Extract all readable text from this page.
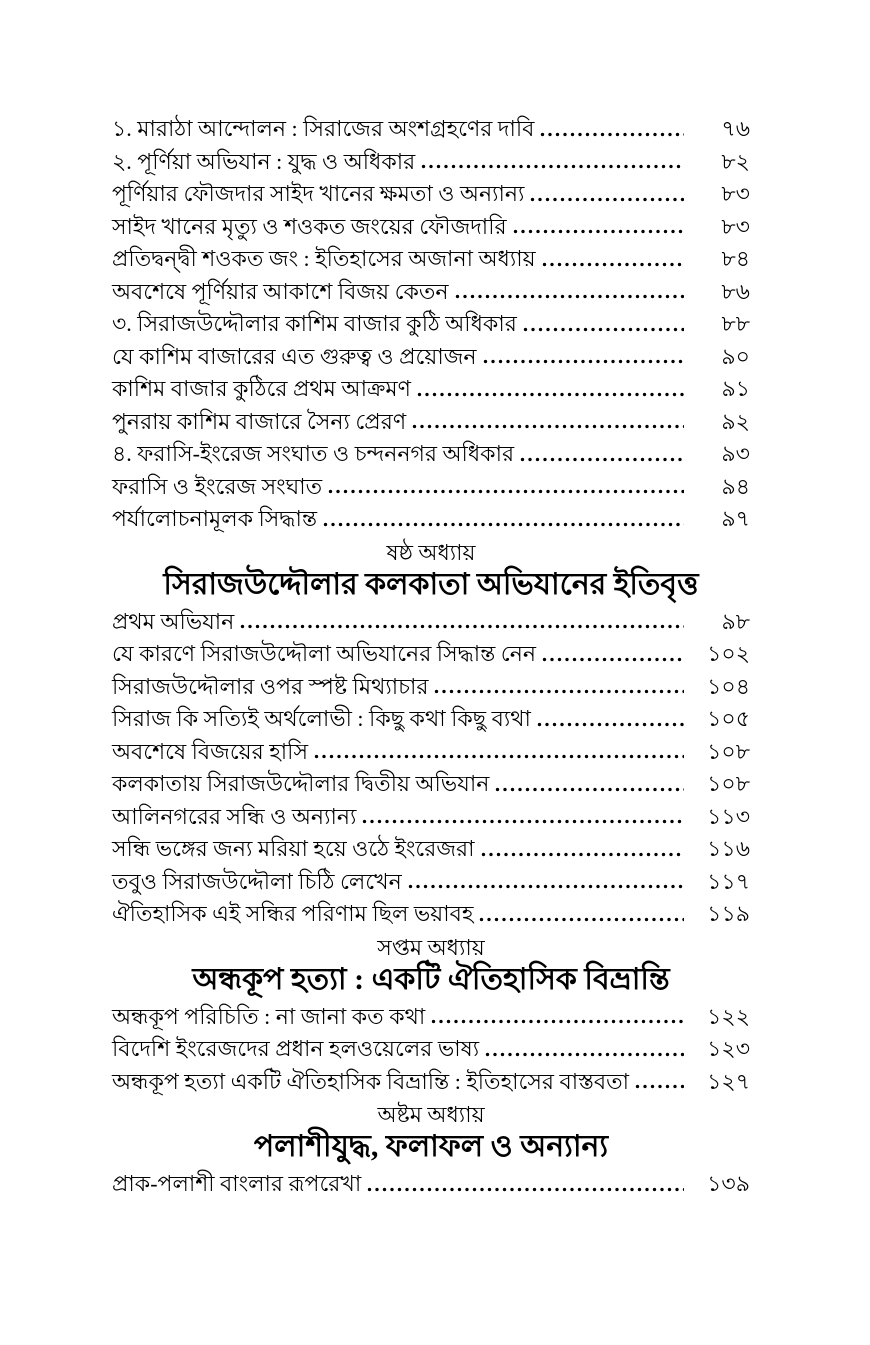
১. মারাঠা আন্দোলন : সিরাজের অংশগ্রহণের দাবি	৭৬
২. পূর্ণিয়া অভিযান : যুদ্ধ ও অধিকার	৮২
পূর্ণিয়ার ফৌজদার সাইদ খানের ক্ষমতা ও অন্যান্য	৮৩
সাইদ খানের মৃত্যু ও শওকত জংয়ের ফৌজদারি	৮৩
প্রতিদ্বন্দ্বী শওকত জং : ইতিহাসের অজানা অধ্যায়	৮৪
অবশেষে পূর্ণিয়ার আকাশে বিজয় কেতন	৮৬
৩. সিরাজউদ্দৌলার কাশিম বাজার কুঠি অধিকার	৮৮
যে কাশিম বাজারের এত গুরুত্ব ও প্রয়োজন	৯০
কাশিম বাজার কুঠিরে প্রথম আক্রমণ	৯১
পুনরায় কাশিম বাজারে সৈন্য প্রেরণ	৯২
৪. ফরাসি-ইংরেজ সংঘাত ও চন্দননগর অধিকার	৯৩
ফরাসি ও ইংরেজ সংঘাত	৯৪
পর্যালোচনামূলক সিদ্ধান্ত	৯৭
ষষ্ঠ অধ্যায়
সিরাজউদ্দৌলার কলকাতা অভিযানের ইতিবৃত্ত
প্রথম অভিযান	৯৮
যে কারণে সিরাজউদ্দৌলা অভিযানের সিদ্ধান্ত নেন	১০২
সিরাজউদ্দৌলার ওপর স্পষ্ট মিথ্যাচার	১০৪
সিরাজ কি সত্যিই অর্থলোভী : কিছু কথা কিছু ব্যথা	১০৫
অবশেষে বিজয়ের হাসি	১০৮
কলকাতায় সিরাজউদ্দৌলার দ্বিতীয় অভিযান	১০৮
আলিনগরের সন্ধি ও অন্যান্য	১১৩
সন্ধি ভঙ্গের জন্য মরিয়া হয়ে ওঠে ইংরেজরা	১১৬
তবুও সিরাজউদ্দৌলা চিঠি লেখেন	১১৭
ঐতিহাসিক এই সন্ধির পরিণাম ছিল ভয়াবহ	১১৯
সপ্তম অধ্যায়
অন্ধকূপ হত্যা : একটি ঐতিহাসিক বিভ্রান্তি
অন্ধকূপ পরিচিতি : না জানা কত কথা	১২২
বিদেশি ইংরেজদের প্রধান হলওয়েলের ভাষ্য	১২৩
অন্ধকূপ হত্যা একটি ঐতিহাসিক বিভ্রান্তি : ইতিহাসের বাস্তবতা	১২৭
অষ্টম অধ্যায়
পলাশীযুদ্ধ, ফলাফল ও অন্যান্য
প্রাক-পলাশী বাংলার রূপরেখা	১৩৯
